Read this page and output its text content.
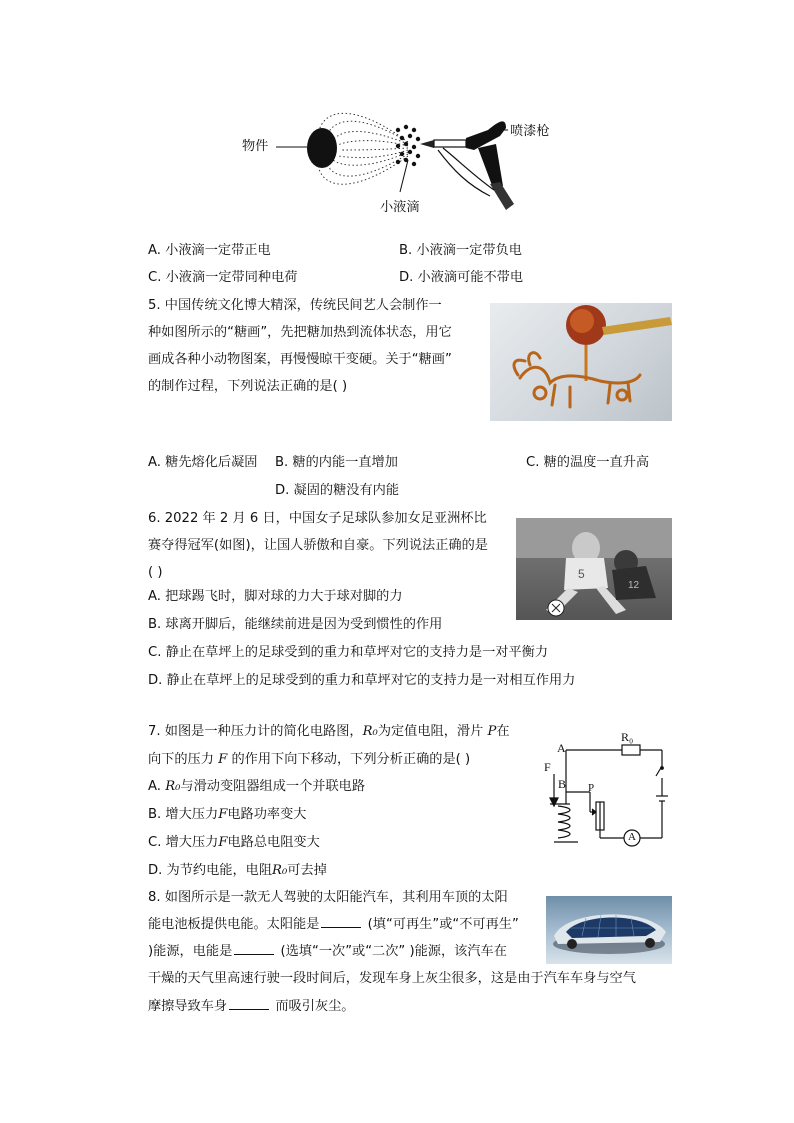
物件
喷漆枪
小液滴
A. 小液滴一定带正电	B. 小液滴一定带负电
C. 小液滴一定带同种电荷	D. 小液滴可能不带电
5. 中国传统文化博大精深，传统民间艺人会制作一
种如图所示的“糖画”，先把糖加热到流体状态，用它
画成各种小动物图案，再慢慢晾干变硬。关于“糖画”
的制作过程，下列说法正确的是( )
A. 糖先熔化后凝固 B. 糖的内能一直增加	C. 糖的温度一直升高
D. 凝固的糖没有内能
6. 2022 年 2 月 6 日，中国女子足球队参加女足亚洲杯比
赛夺得冠军(如图)，让国人骄傲和自豪。下列说法正确的是
( )	5
12
A. 把球踢飞时，脚对球的力大于球对脚的力
B. 球离开脚后，能继续前进是因为受到惯性的作用
C. 静止在草坪上的足球受到的重力和草坪对它的支持力是一对平衡力
D. 静止在草坪上的足球受到的重力和草坪对它的支持力是一对相互作用力
7. 如图是一种压力计的简化电路图，R₀为定值电阻，滑片 P在
向下的压力 F 的作用下向下移动，下列分析正确的是( )
A. R₀与滑动变阻器组成一个并联电路
B. 增大压力F电路功率变大
C. 增大压力F电路总电阻变大
D. 为节约电能，电阻R₀可去掉
A
R₀
F
B P
A
8. 如图所示是一款无人驾驶的太阳能汽车，其利用车顶的太阳
能电池板提供电能。太阳能是	(填“可再生”或“不可再生”
)能源，电能是	(选填“一次”或“二次” )能源，该汽车在
干燥的天气里高速行驶一段时间后，发现车身上灰尘很多，这是由于汽车车身与空气
摩擦导致车身	而吸引灰尘。
